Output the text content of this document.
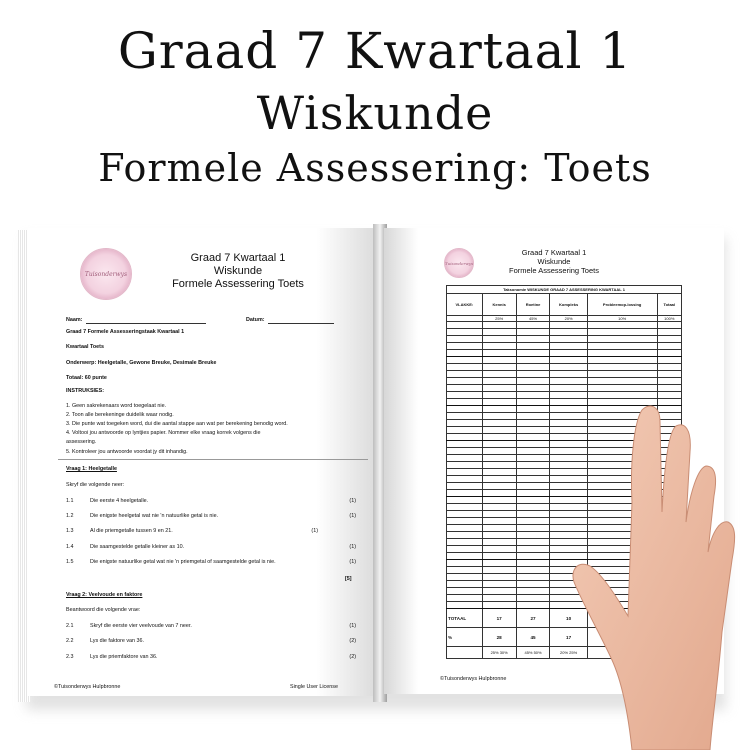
Graad 7 Kwartaal 1
Wiskunde
Formele Assessering: Toets
Tuisonderwys
Graad 7 Kwartaal 1
Wiskunde
Formele Assessering Toets
Naam:	Datum:
Graad 7 Formele Assesseringstaak Kwartaal 1
Kwartaal Toets
Onderwerp: Heelgetalle, Gewone Breuke, Desimale Breuke
Totaal: 60 punte
INSTRUKSIES:
1. Geen sakrekenaars word toegelaat nie.
2. Toon alle berekeninge duidelik waar nodig.
3. Die punte wat toegeken word, dui die aantal stappe aan wat per berekening benodig word.
4. Voltooi jou antwoorde op lyntjies papier. Nommer elke vraag korrek volgens die
assessering.
5. Kontroleer jou antwoorde voordat jy dit inhandig.
Vraag 1: Heelgetalle
Skryf die volgende neer:
1.1	Die eerste 4 heelgetalle.	(1)
1.2	Die enigste heelgetal wat nie 'n natuurlike getal is nie.	(1)
1.3	Al die priemgetalle tussen 9 en 21.	(1)
1.4	Die saamgestelde getalle kleiner as 10.	(1)
1.5	Die enigste natuurlike getal wat nie 'n priemgetal of saamgestelde getal is nie.	(1)
[5]
Vraag 2: Veelvoude en faktore
Beantwoord die volgende vrae:
2.1	Skryf die eerste vier veelvoude van 7 neer.	(1)
2.2	Lys die faktore van 36.	(2)
2.3	Lys die priemfaktore van 36.	(2)
©Tuisonderwys Hulpbronne	Single User License
Tuisonderwys
Graad 7 Kwartaal 1
Wiskunde
Formele Assessering Toets
Taksonomie WISKUNDE GRAAD 7 ASSESSERING KWARTAAL 1					
VLAKKE:	Kennis	Roetine	Kompleks	Probleemop-lossing	Totaal
	25%	45%	20%	10%	100%

TOTAAL	17	27	10		
%	28	45	17		
	25% 30%	45% 50%	20% 25%		
©Tuisonderwys Hulpbronne
